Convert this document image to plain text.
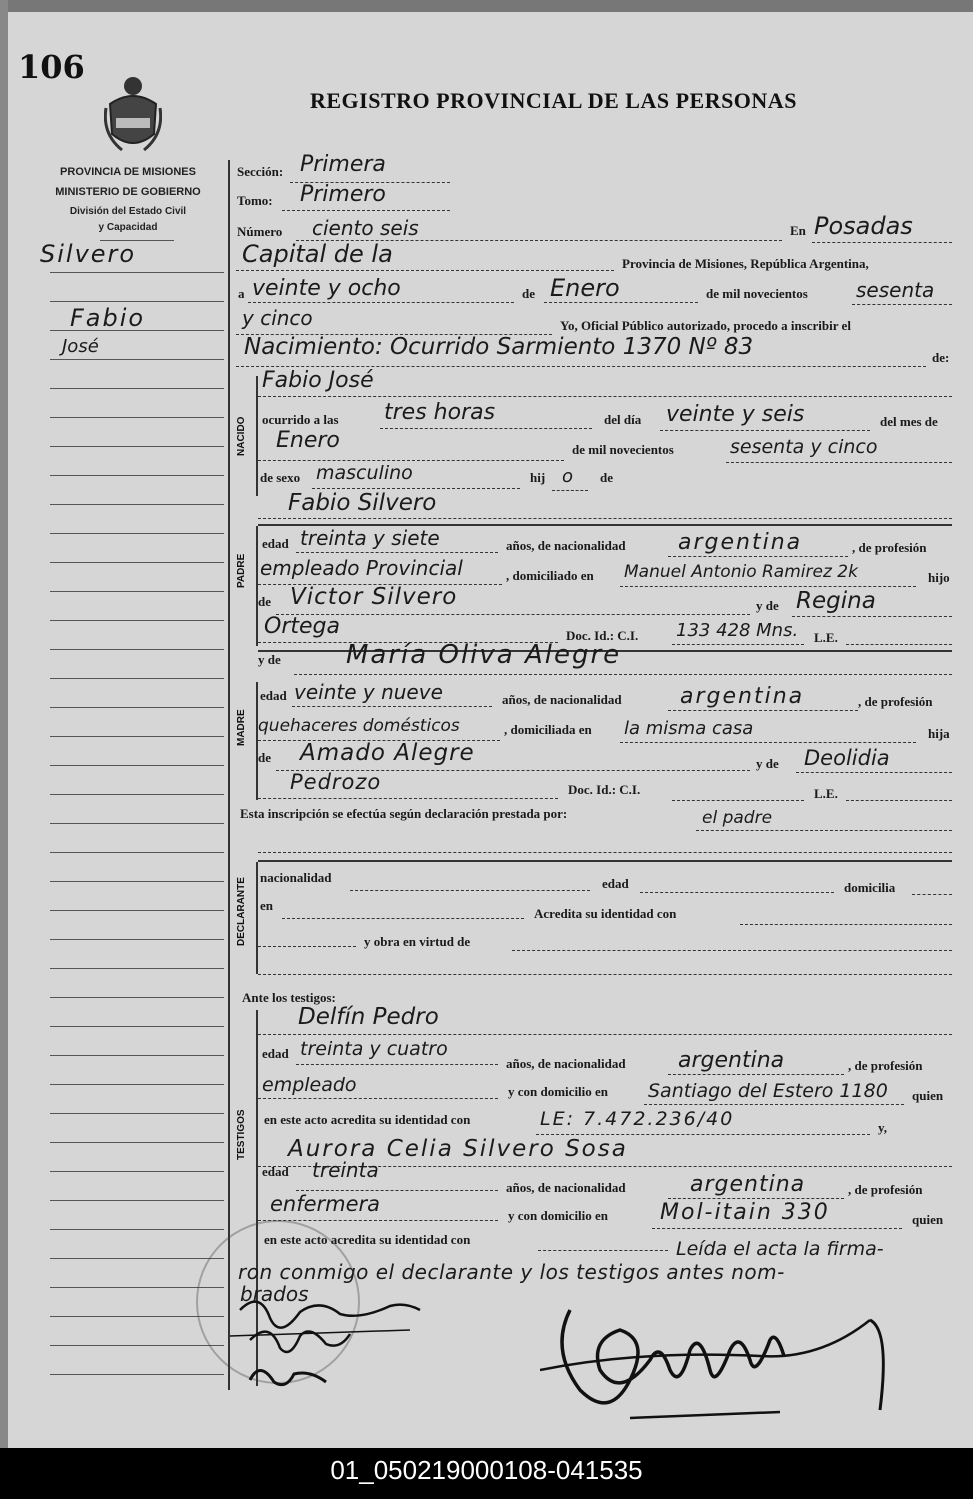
106
REGISTRO PROVINCIAL DE LAS PERSONAS
PROVINCIA DE MISIONES
MINISTERIO DE GOBIERNO
División del Estado Civil
y Capacidad
Silvero
Fabio
José
Sección: Primera
Tomo: Primero
Número ciento seis	En Posadas
Capital de la	Provincia de Misiones, República Argentina,
a veinte y ocho	de Enero	de mil novecientos sesenta
y cinco	Yo, Oficial Público autorizado, procedo a inscribir el
Nacimiento: Ocurrido Sarmiento 1370 Nº 83	de:
NACIDO
Fabio José
ocurrido a las tres horas	del día veinte y seis	del mes de
Enero	de mil novecientos	sesenta y cinco
de sexo masculino	hij o de
Fabio Silvero
PADRE
edad treinta y siete	años, de nacionalidad argentina	, de profesión
empleado Provincial	, domiciliado en Manuel Antonio Ramirez 2k	hijo
de Victor Silvero	y de Regina
Ortega	Doc. Id.: C.I. 133 428 Mns. L.E.
y de	María Oliva Alegre
MADRE
edad veinte y nueve	años, de nacionalidad	argentina	, de profesión
quehaceres domésticos	, domiciliada en la misma casa	hija
de Amado Alegre	y de Deolidia
Pedrozo	Doc. Id.: C.I.	L.E.
Esta inscripción se efectúa según declaración prestada por:	el padre
DECLARANTE nacionalidad	edad	domicilia
en
Acredita su identidad con
y obra en virtud de
Ante los testigos:
TESTIGOS
Delfín Pedro
edad treinta y cuatro
años, de nacionalidad argentina	, de profesión
empleado	y con domicilio en Santiago del Estero 1180 quien
en este acto acredita su identidad con	LE: 7.472.236/40	y,
Aurora Celia Silvero Sosa
edad treinta
años, de nacionalidad	argentina	, de profesión
enfermera	y con domicilio en Mol-itain 330	quien
en este acto acredita su identidad con	Leída el acta la firma-
ron conmigo el declarante y los testigos antes nom-
brados
01_050219000108-041535
